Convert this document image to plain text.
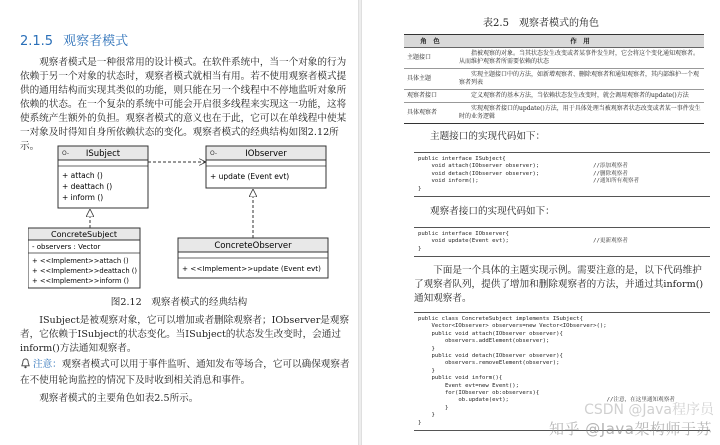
2.1.5 观察者模式
观察者模式是一种很常用的设计模式。在软件系统中，当一个对象的行为依赖于另一个对象的状态时，观察者模式就相当有用。若不使用观察者模式提供的通用结构而实现其类似的功能，则只能在另一个线程中不停地监听对象所依赖的状态。在一个复杂的系统中可能会开启很多线程来实现这一功能，这将使系统产生额外的负担。观察者模式的意义也在于此，它可以在单线程中使某一对象及时得知自身所依赖状态的变化。观察者模式的经典结构如图2.12所示。
O- ISubject
+ attach ()
+ deattach ()
+ inform ()
O-	IObserver
+ update (Event evt)
ConcreteSubject
- observers : Vector
+ <<Implement>>attach ()
+ <<Implement>>deattach ()
+ <<Implement>>inform ()
ConcreteObserver
+ <<Implement>>update (Event evt)
图2.12　观察者模式的经典结构
ISubject是被观察对象，它可以增加或者删除观察者；IObserver是观察者，它依赖于ISubject的状态变化。当ISubject的状态发生改变时，会通过inform()方法通知观察者。
注意：观察者模式可以用于事件监听、通知发布等场合，它可以确保观察者在不使用轮询监控的情况下及时收到相关消息和事件。
观察者模式的主要角色如表2.5所示。
表2.5　观察者模式的角色
角　色	作　用
主题接口	指被观察的对象。当其状态发生改变或者某事件发生时，它会将这个变化通知观察者。从而维护观察者所需要依赖的状态
具体主题	实现主题接口中的方法，如新增观察者、删除观察者和通知观察者，其内部维护一个观察者列表
观察者接口	定义观察者的基本方法，当依赖状态发生改变时，就会调用观察者的update()方法
具体观察者	实现观察者接口的update()方法，用于具体处理当被观察者状态改变或者某一事件发生时的业务逻辑
主题接口的实现代码如下：
public interface ISubject{
void attach(IObserver observer);	//添加观察者
void detach(IObserver observer);	//删除观察者
void inform();	//通知所有观察者
}
观察者接口的实现代码如下：
public interface IObserver{
void update(Event evt);	//更新观察者
}
下面是一个具体的主题实现示例。需要注意的是，以下代码维护了观察者队列，提供了增加和删除观察者的方法，并通过其inform()通知观察者。
public class ConcreteSubject implements ISubject{
Vector<IObserver> observers=new Vector<IObserver>();
public void attach(IObserver observer){
observers.addElement(observer);
}
public void detach(IObserver observer){
observers.removeElement(observer);
}
public void inform(){
Event evt=new Event();
for(IObserver ob:observers){
ob.update(evt);	//注意，在这里通知观察者
}
}
}
CSDN @Java程序员
知乎 @Java架构师于苏
